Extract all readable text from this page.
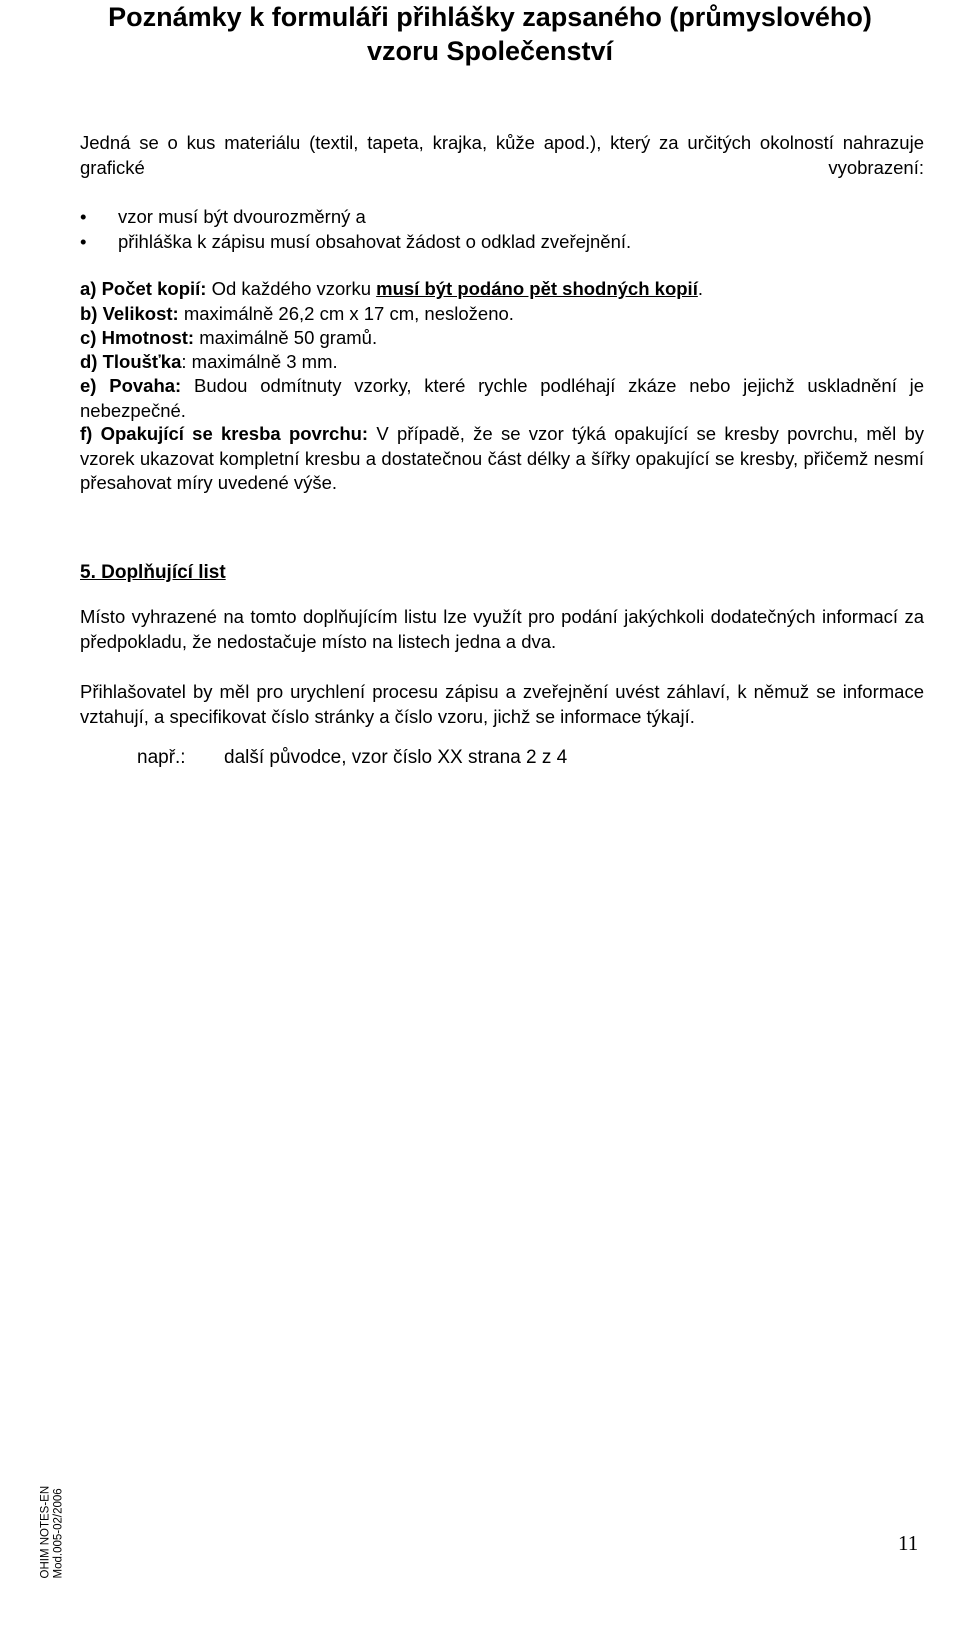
Poznámky k formuláři přihlášky zapsaného (průmyslového)
vzoru Společenství
Jedná se o kus materiálu (textil, tapeta, krajka, kůže apod.), který za určitých okolností nahrazuje grafické vyobrazení:
• vzor musí být dvourozměrný a
• přihláška k zápisu musí obsahovat žádost o odklad zveřejnění.
a) Počet kopií: Od každého vzorku musí být podáno pět shodných kopií.
b) Velikost: maximálně 26,2 cm x 17 cm, nesloženo.
c) Hmotnost: maximálně 50 gramů.
d) Tloušťka: maximálně 3 mm.
e) Povaha: Budou odmítnuty vzorky, které rychle podléhají zkáze nebo jejichž uskladnění je nebezpečné.
f) Opakující se kresba povrchu: V případě, že se vzor týká opakující se kresby povrchu, měl by vzorek ukazovat kompletní kresbu a dostatečnou část délky a šířky opakující se kresby, přičemž nesmí přesahovat míry uvedené výše.
5. Doplňující list
Místo vyhrazené na tomto doplňujícím listu lze využít pro podání jakýchkoli dodatečných informací za předpokladu, že nedostačuje místo na listech jedna a dva.
Přihlašovatel by měl pro urychlení procesu zápisu a zveřejnění uvést záhlaví, k němuž se informace vztahují, a specifikovat číslo stránky a číslo vzoru, jichž se informace týkají.
např.: další původce, vzor číslo XX strana 2 z 4
OHIM NOTES-EN Mod.005-02/2006	11
